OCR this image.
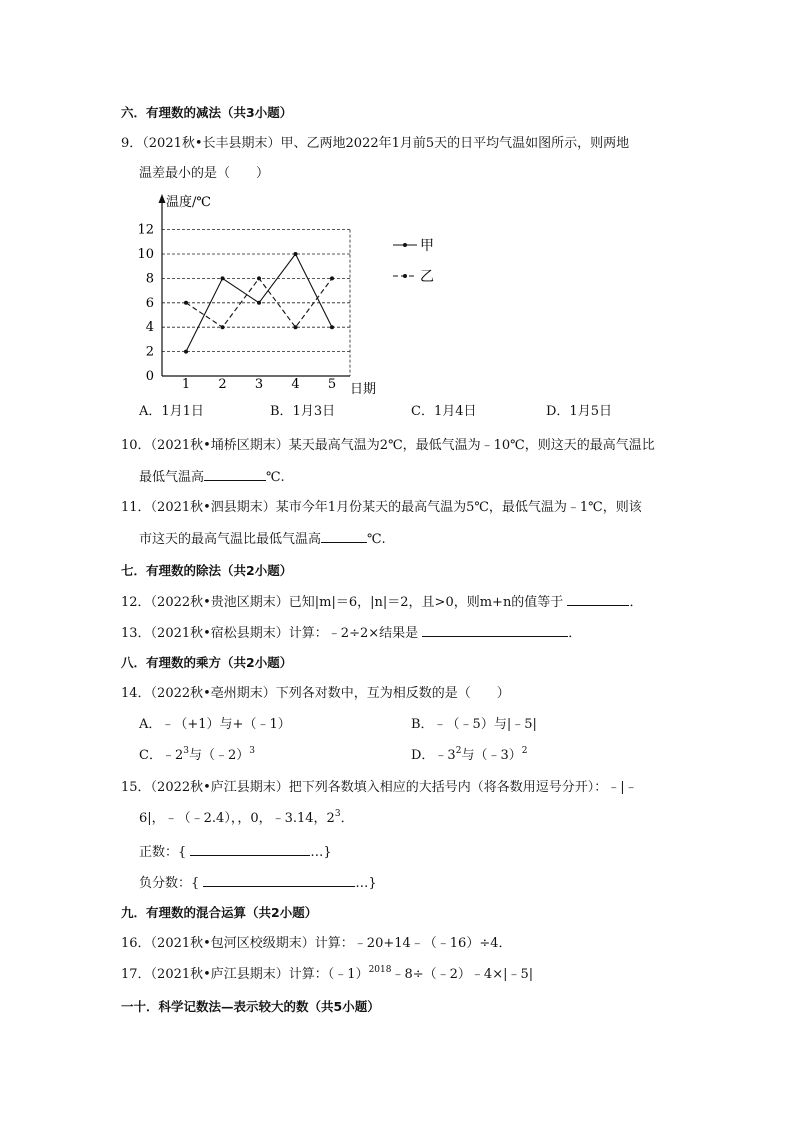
六．有理数的减法（共3小题）
9．（2021秋•长丰县期末）甲、乙两地2022年1月前5天的日平均气温如图所示，则两地
温差最小的是（　　）
温度/℃
日期
0
2
4
6
8
10
12
1 2 3 4 5
甲
乙
A．1月1日	B．1月3日	C．1月4日	D．1月5日
10．（2021秋•埇桥区期末）某天最高气温为2℃，最低气温为﹣10℃，则这天的最高气温比
最低气温高	℃.
11．（2021秋•泗县期末）某市今年1月份某天的最高气温为5℃，最低气温为﹣1℃，则该
市这天的最高气温比最低气温高	℃.
七．有理数的除法（共2小题）
12．（2022秋•贵池区期末）已知|m|＝6，|n|＝2，且>0，则m+n的值等于	．
13．（2021秋•宿松县期末）计算：﹣2÷2×结果是	．
八．有理数的乘方（共2小题）
14．（2022秋•亳州期末）下列各对数中，互为相反数的是（　　）
A．﹣（+1）与+（﹣1）	B．﹣（﹣5）与|﹣5|
C．$﹣2^3$与（﹣2）$^3$	D．$﹣3^2$与（﹣3）$^2$
15．（2022秋•庐江县期末）把下列各数填入相应的大括号内（将各数用逗号分开）：﹣|﹣
6|，﹣（﹣2.4），，0，﹣3.14，$2^3$．
正数：{	…}
负分数：{	…}
九．有理数的混合运算（共2小题）
16．（2021秋•包河区校级期末）计算：﹣20+14﹣（﹣16）÷4．
17．（2021秋•庐江县期末）计算：（﹣1）$^{2018}$﹣8÷（﹣2）﹣4×|﹣5|
一十．科学记数法—表示较大的数（共5小题）
